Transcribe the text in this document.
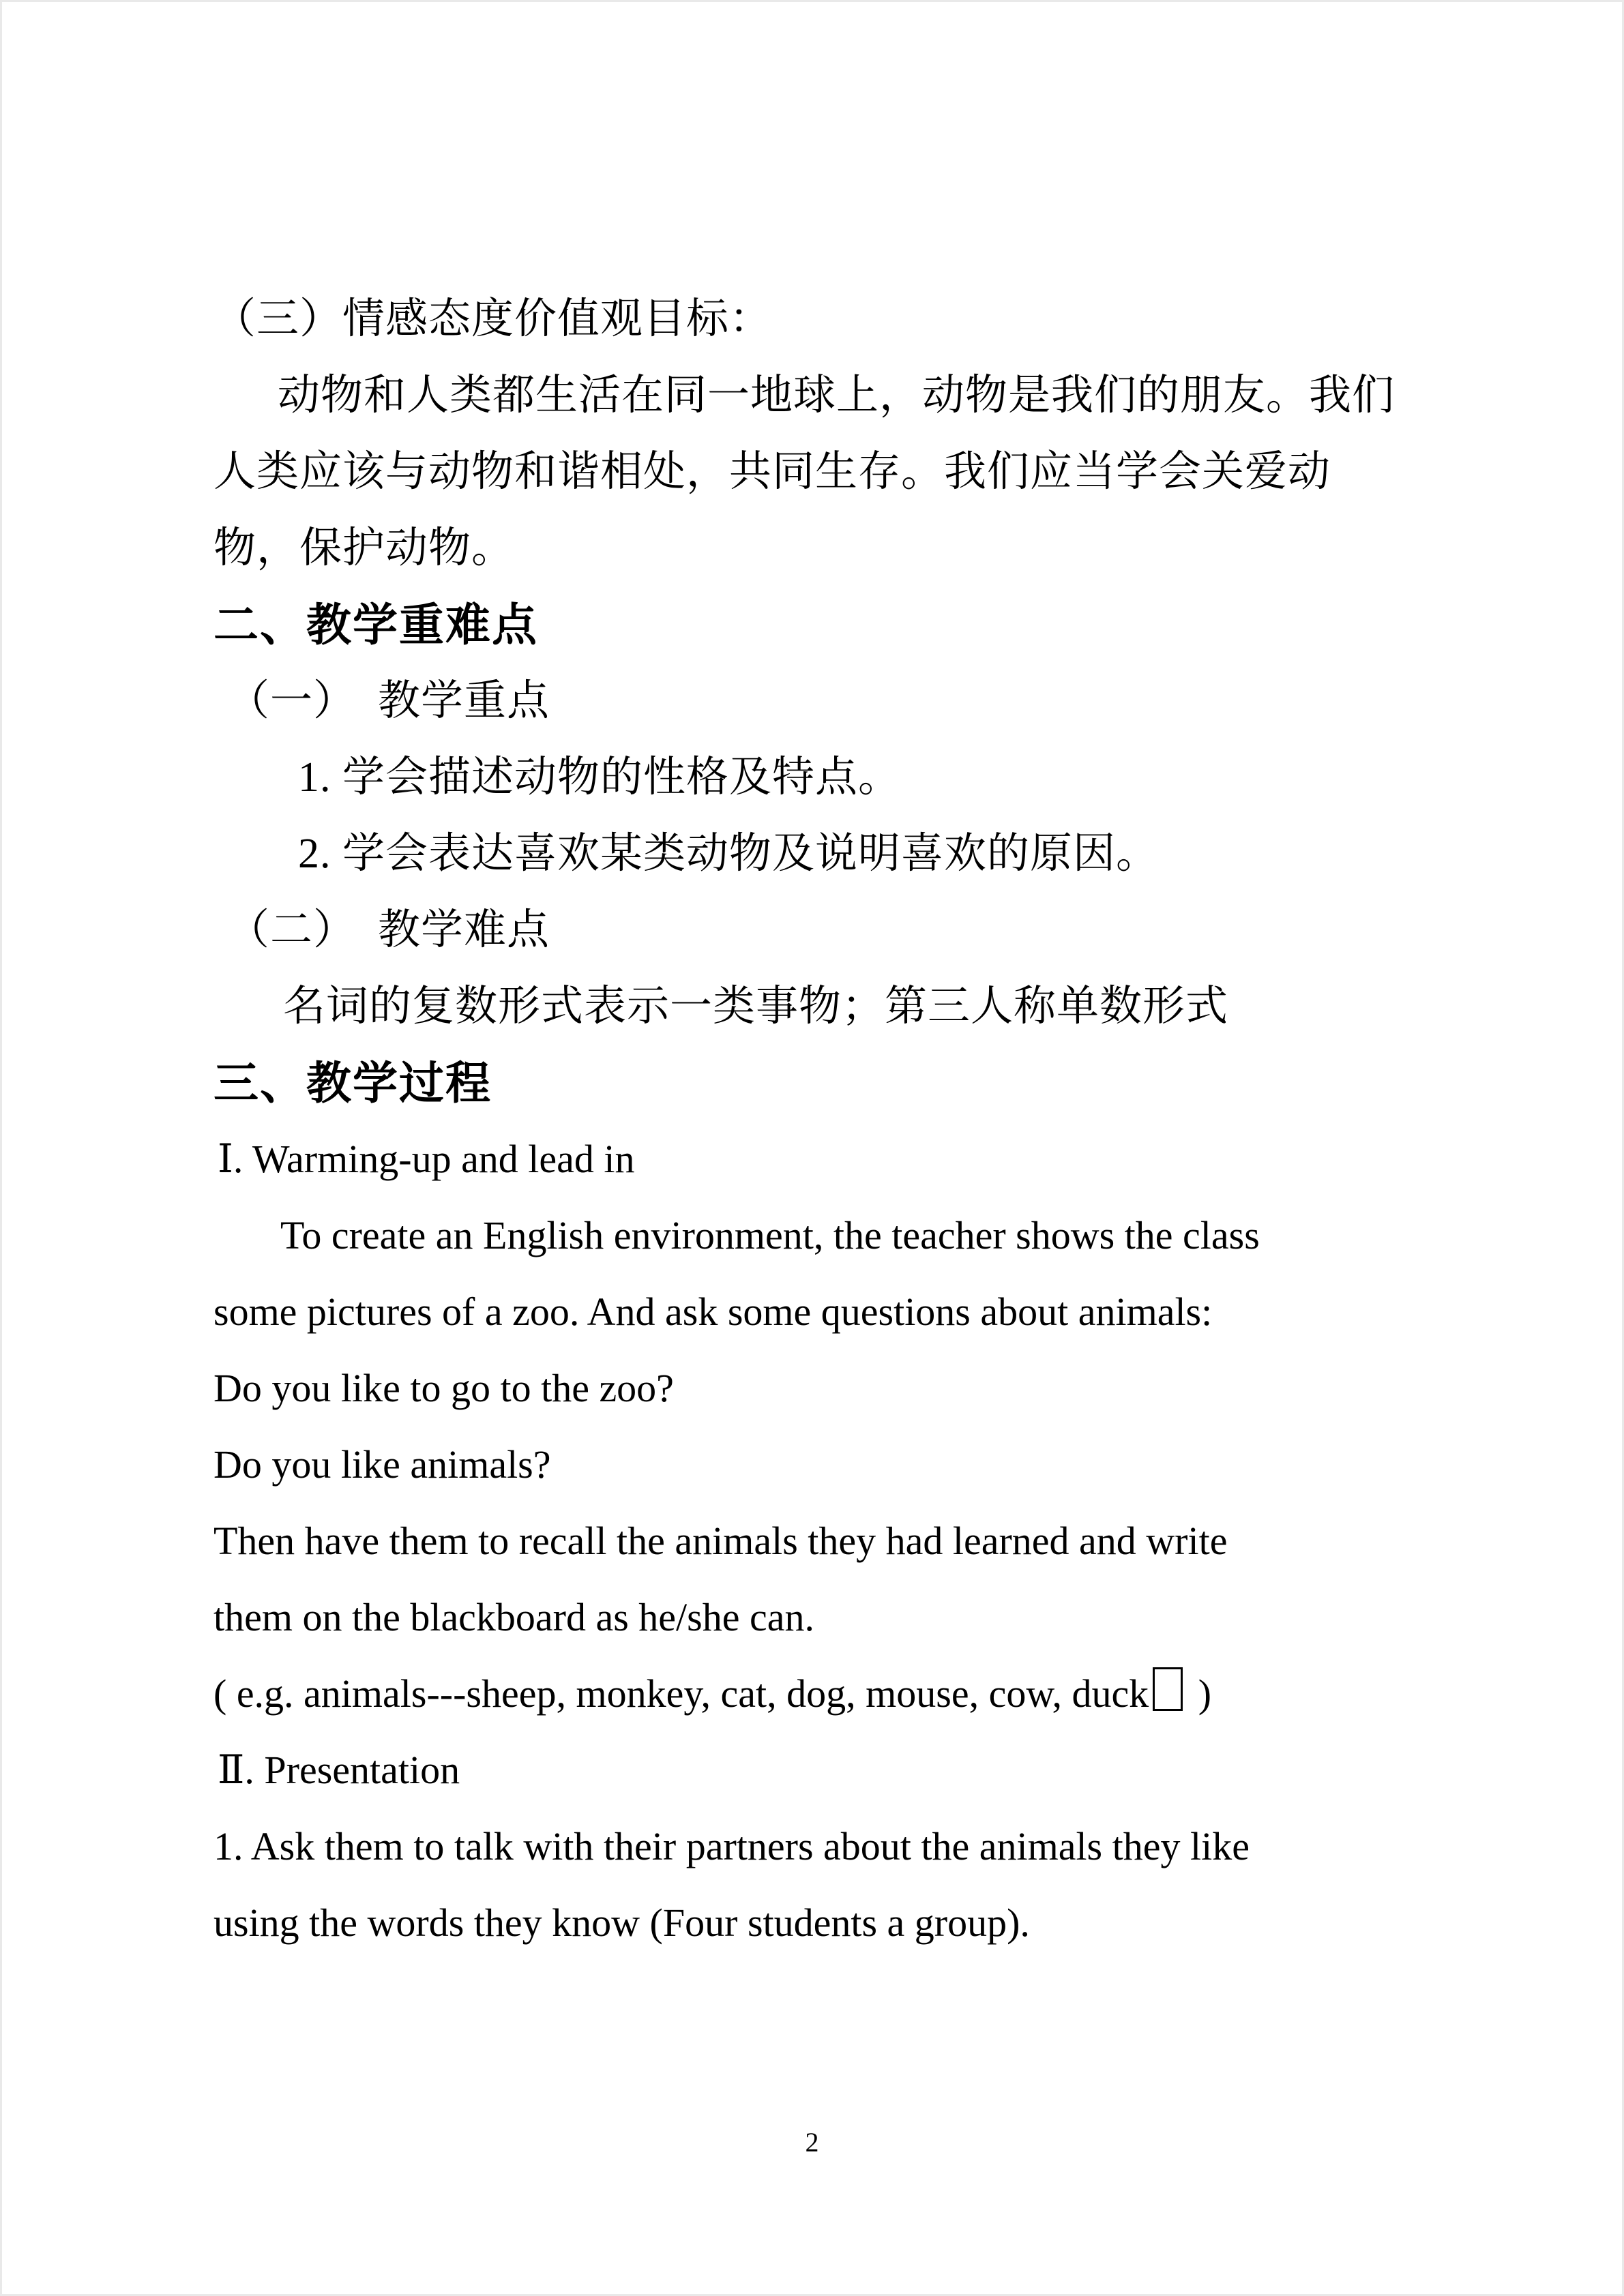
（三）情感态度价值观目标：
动物和人类都生活在同一地球上，动物是我们的朋友。我们
人类应该与动物和谐相处，共同生存。我们应当学会关爱动
物，保护动物。
二、教学重难点
（一）　教学重点
1. 学会描述动物的性格及特点。
2. 学会表达喜欢某类动物及说明喜欢的原因。
（二）　教学难点
名词的复数形式表示一类事物；第三人称单数形式
三、教学过程
Ⅰ. Warming-up and lead in
To create an English environment, the teacher shows the class
some pictures of a zoo. And ask some questions about animals:
Do you like to go to the zoo?
Do you like animals?
Then have them to recall the animals they had learned and write
them on the blackboard as he/she can.
( e.g. animals---sheep, monkey, cat, dog, mouse, cow, duck )
Ⅱ. Presentation
1. Ask them to talk with their partners about the animals they like
using the words they know (Four students a group).
2
